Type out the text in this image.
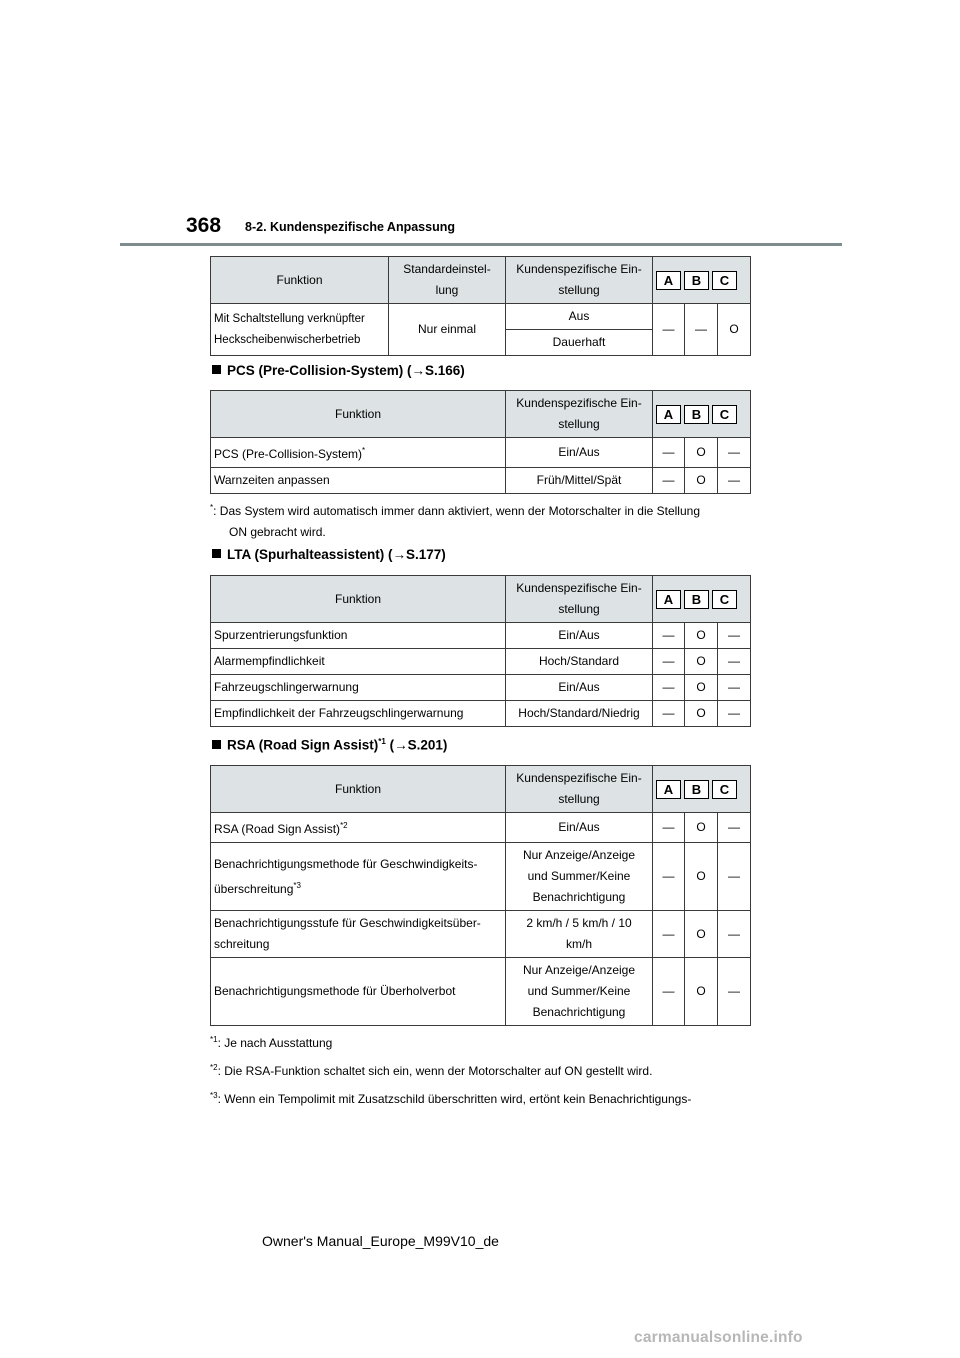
368 8-2. Kundenspezifische Anpassung
Funktion	Standardeinstel-
lung	Kundenspezifische Ein-
stellung	A B C		

Mit Schaltstellung verknüpfter
Heckscheibenwischerbetrieb	Nur einmal	Aus	—	—	O
		Dauerhaft			
PCS (Pre-Collision-System) (→S.166)
Funktion	Kundenspezifische Ein-
stellung	A B C		

PCS (Pre-Collision-System)*	Ein/Aus	—	O	—
Warnzeiten anpassen	Früh/Mittel/Spät	—	O	—
*: Das System wird automatisch immer dann aktiviert, wenn der Motorschalter in die Stellung
ON gebracht wird.
LTA (Spurhalteassistent) (→S.177)
Funktion	Kundenspezifische Ein-
stellung	A B C		

Spurzentrierungsfunktion	Ein/Aus	—	O	—
Alarmempfindlichkeit	Hoch/Standard	—	O	—
Fahrzeugschlingerwarnung	Ein/Aus	—	O	—
Empfindlichkeit der Fahrzeugschlingerwarnung	Hoch/Standard/Niedrig	—	O	—
RSA (Road Sign Assist)$^{*1}$ (→S.201)
Funktion	Kundenspezifische Ein-
stellung	A B C		

RSA (Road Sign Assist)$^{*2}$	Ein/Aus	—	O	—
Benachrichtigungsmethode für Geschwindigkeits-
überschreitung$^{*3}$	Nur Anzeige/Anzeige
und Summer/Keine
Benachrichtigung	—	O	—
Benachrichtigungsstufe für Geschwindigkeitsüber-
schreitung	2 km/h / 5 km/h / 10
km/h	—	O	—
Benachrichtigungsmethode für Überholverbot	Nur Anzeige/Anzeige
und Summer/Keine
Benachrichtigung	—	O	—
$^{*1}$: Je nach Ausstattung
$^{*2}$: Die RSA-Funktion schaltet sich ein, wenn der Motorschalter auf ON gestellt wird.
$^{*3}$: Wenn ein Tempolimit mit Zusatzschild überschritten wird, ertönt kein Benachrichtigungs-
Owner's Manual_Europe_M99V10_de
carmanualsonline.info
